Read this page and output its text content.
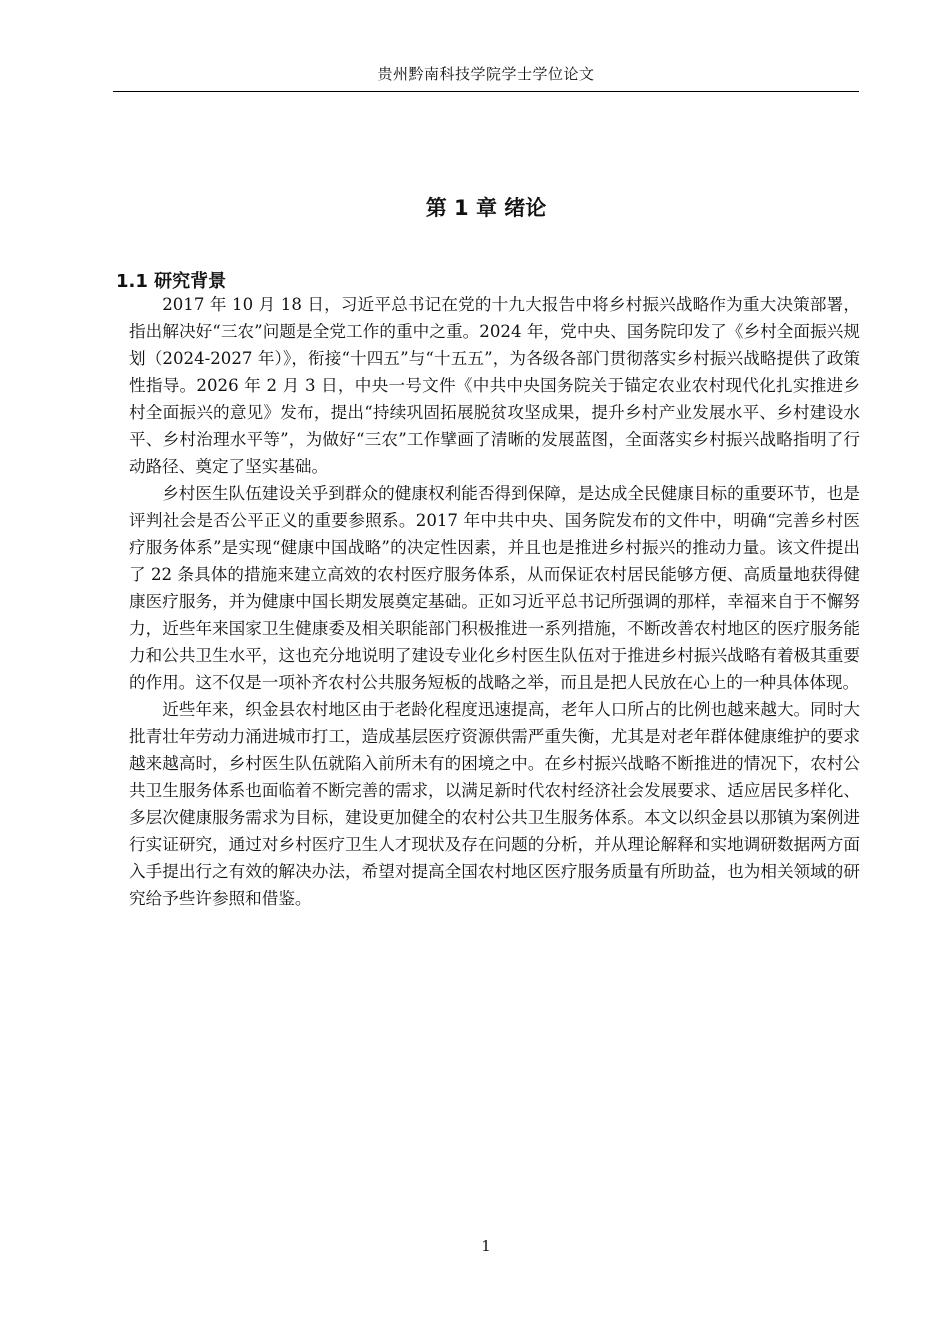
贵州黔南科技学院学士学位论文
第 1 章 绪论
1.1 研究背景

2017 年 10 月 18 日，习近平总书记在党的十九大报告中将乡村振兴战略作为重大决策部署，指出解决好“三农”问题是全党工作的重中之重。2024 年，党中央、国务院印发了《乡村全面振兴规划（2024-2027 年）》，衔接“十四五”与“十五五”，为各级各部门贯彻落实乡村振兴战略提供了政策性指导。2026 年 2 月 3 日，中央一号文件《中共中央国务院关于锚定农业农村现代化扎实推进乡村全面振兴的意见》发布，提出“持续巩固拓展脱贫攻坚成果，提升乡村产业发展水平、乡村建设水平、乡村治理水平等”，为做好“三农”工作擘画了清晰的发展蓝图，全面落实乡村振兴战略指明了行动路径、奠定了坚实基础。

乡村医生队伍建设关乎到群众的健康权利能否得到保障，是达成全民健康目标的重要环节，也是评判社会是否公平正义的重要参照系。2017 年中共中央、国务院发布的文件中，明确“完善乡村医疗服务体系”是实现“健康中国战略”的决定性因素，并且也是推进乡村振兴的推动力量。该文件提出了 22 条具体的措施来建立高效的农村医疗服务体系，从而保证农村居民能够方便、高质量地获得健康医疗服务，并为健康中国长期发展奠定基础。正如习近平总书记所强调的那样，幸福来自于不懈努力，近些年来国家卫生健康委及相关职能部门积极推进一系列措施，不断改善农村地区的医疗服务能力和公共卫生水平，这也充分地说明了建设专业化乡村医生队伍对于推进乡村振兴战略有着极其重要的作用。这不仅是一项补齐农村公共服务短板的战略之举，而且是把人民放在心上的一种具体体现。

近些年来，织金县农村地区由于老龄化程度迅速提高，老年人口所占的比例也越来越大。同时大批青壮年劳动力涌进城市打工，造成基层医疗资源供需严重失衡，尤其是对老年群体健康维护的要求越来越高时，乡村医生队伍就陷入前所未有的困境之中。在乡村振兴战略不断推进的情况下，农村公共卫生服务体系也面临着不断完善的需求，以满足新时代农村经济社会发展要求、适应居民多样化、多层次健康服务需求为目标，建设更加健全的农村公共卫生服务体系。本文以织金县以那镇为案例进行实证研究，通过对乡村医疗卫生人才现状及存在问题的分析，并从理论解释和实地调研数据两方面入手提出行之有效的解决办法，希望对提高全国农村地区医疗服务质量有所助益，也为相关领域的研究给予些许参照和借鉴。

1
